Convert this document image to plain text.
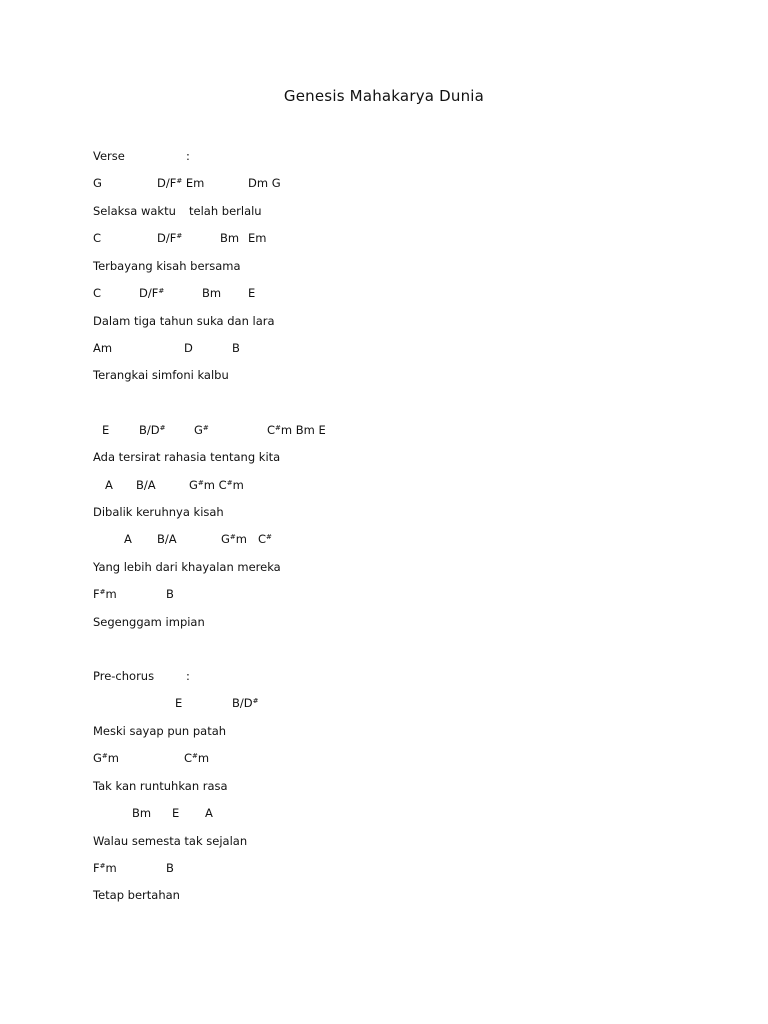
Genesis Mahakarya Dunia
Verse	:
G	D/F# Em	Dm G
Selaksa waktu telah berlalu
C	D/F#	Bm Em
Terbayang kisah bersama
C	D/F#	Bm E
Dalam tiga tahun suka dan lara
Am	D	B
Terangkai simfoni kalbu
E	B/D# G#	C#m Bm E
Ada tersirat rahasia tentang kita
A B/A	G#m C#m
Dibalik keruhnya kisah
A B/A	G#m C#
Yang lebih dari khayalan mereka
F#m	B
Segenggam impian
Pre-chorus	:
E	B/D#
Meski sayap pun patah
G#m	C#m
Tak kan runtuhkan rasa
Bm E A
Walau semesta tak sejalan
F#m	B
Tetap bertahan
